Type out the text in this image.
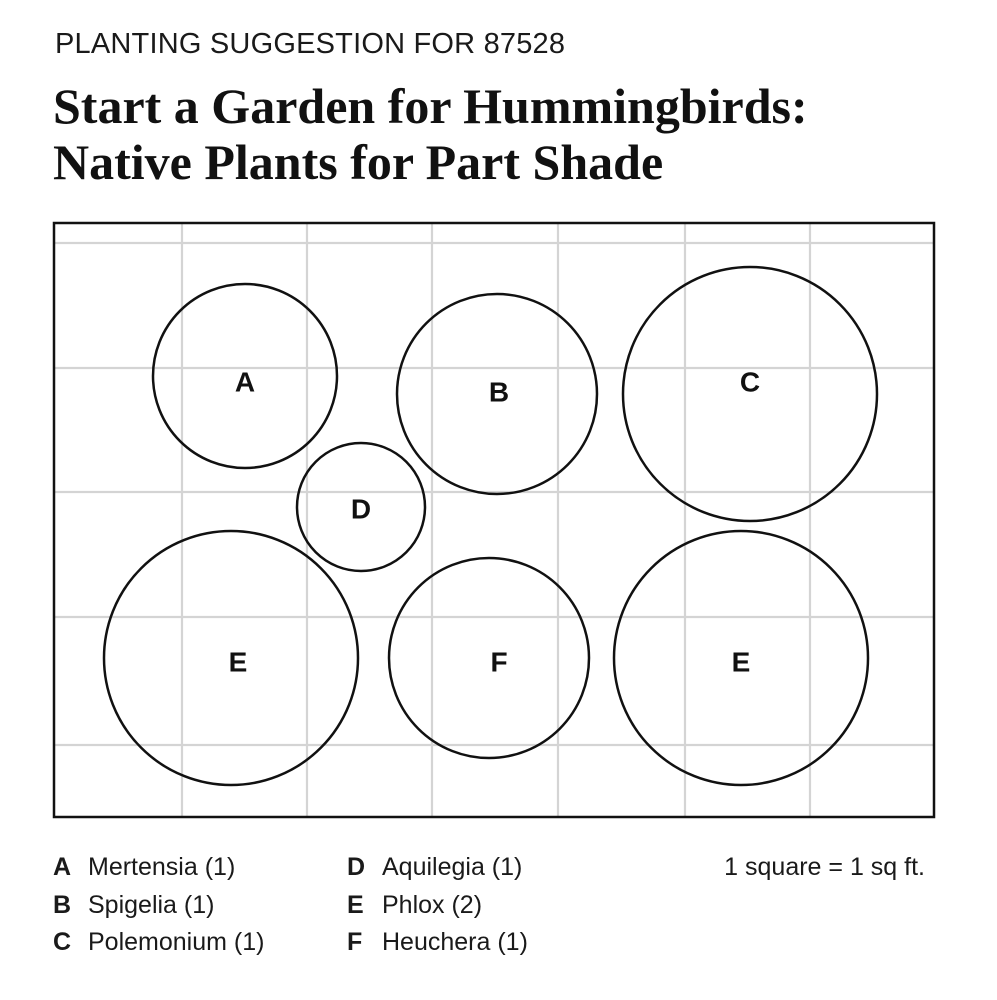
PLANTING SUGGESTION FOR 87528
Start a Garden for Hummingbirds:
Native Plants for Part Shade
A	B	C
D
E	F	E
A Mertensia (1)
B Spigelia (1)
C Polemonium (1)
D Aquilegia (1)
E Phlox (2)
F Heuchera (1)
1 square = 1 sq ft.
